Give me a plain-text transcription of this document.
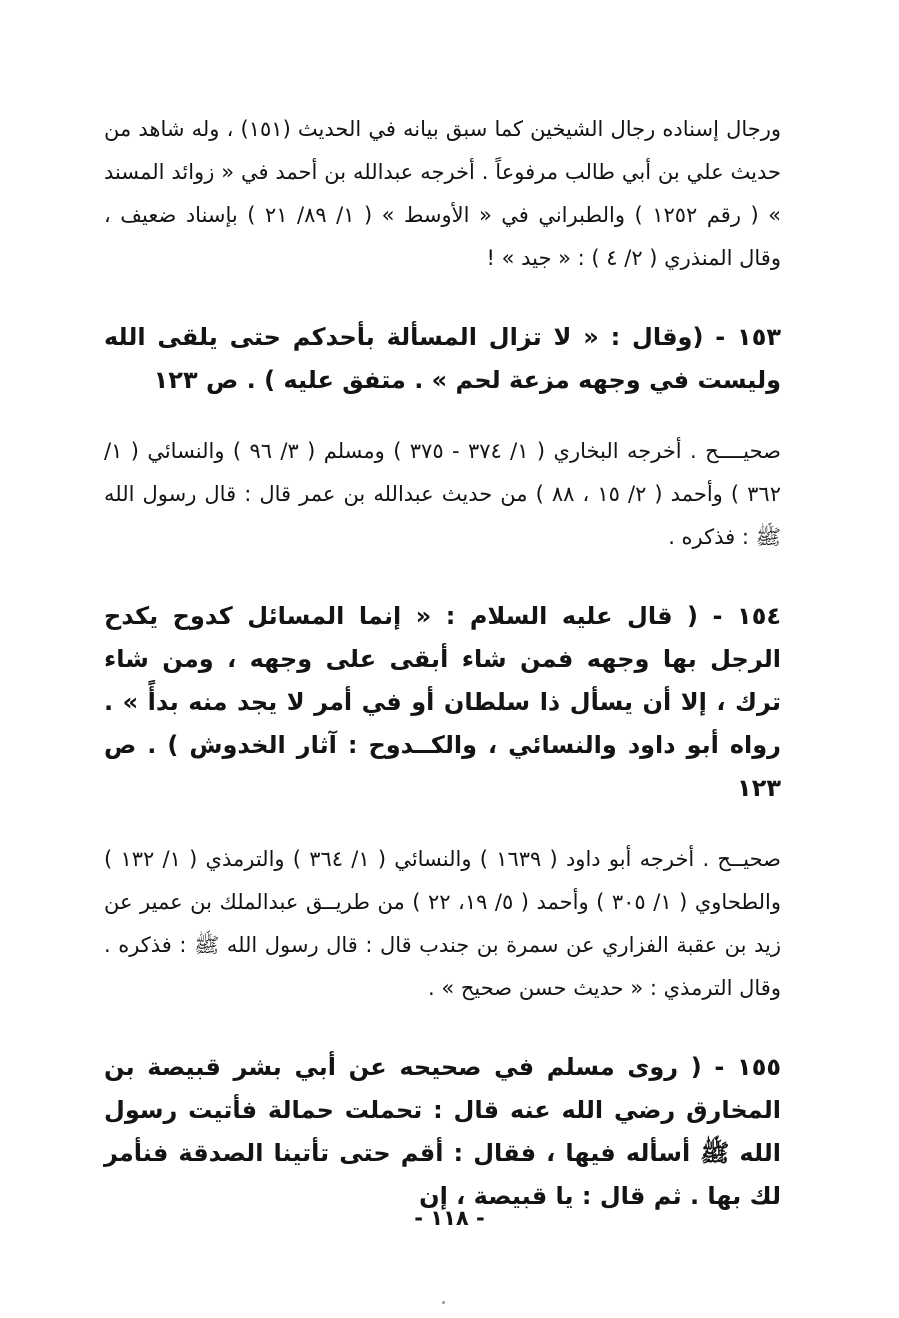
ورجال إسناده رجال الشيخين كما سبق بيانه في الحديث (١٥١) ، وله شاهد من حديث علي بن أبي طالب مرفوعاً . أخرجه عبدالله بن أحمد في « زوائد المسند » ( رقم ١٢٥٢ ) والطبراني في « الأوسط » ( ١/ ٨٩/ ٢١ ) بإسناد ضعيف ، وقال المنذري ( ٢/ ٤ ) : « جيد » !

١٥٣ - (وقال : « لا تزال المسألة بأحدكم حتى يلقى الله وليست في وجهه مزعة لحم » . متفق عليه ) . ص ١٢٣

صحيــــح . أخرجه البخاري ( ١/ ٣٧٤ - ٣٧٥ ) ومسلم ( ٣/ ٩٦ ) والنسائي ( ١/ ٣٦٢ ) وأحمد ( ٢/ ١٥ ، ٨٨ ) من حديث عبدالله بن عمر قال : قال رسول الله ﷺ : فذكره .

١٥٤ - ( قال عليه السلام : « إنما المسائل كدوح يكدح الرجل بها وجهه فمن شاء أبقى على وجهه ، ومن شاء ترك ، إلا أن يسأل ذا سلطان أو في أمر لا يجد منه بدأً » . رواه أبو داود والنسائي ، والكــدوح : آثار الخدوش ) . ص ١٢٣

صحيــح . أخرجه أبو داود ( ١٦٣٩ ) والنسائي ( ١/ ٣٦٤ ) والترمذي ( ١/ ١٣٢ ) والطحاوي ( ١/ ٣٠٥ ) وأحمد ( ٥/ ١٩، ٢٢ ) من طريــق عبدالملك بن عمير عن زيد بن عقبة الفزاري عن سمرة بن جندب قال : قال رسول الله ﷺ : فذكره . وقال الترمذي : « حديث حسن صحيح » .

١٥٥ - ( روى مسلم في صحيحه عن أبي بشر قبيصة بن المخارق رضي الله عنه قال : تحملت حمالة فأتيت رسول الله ﷺ أسأله فيها ، فقال : أقم حتى تأتينا الصدقة فنأمر لك بها . ثم قال : يا قبيصة ، إن

- ١١٨ -
